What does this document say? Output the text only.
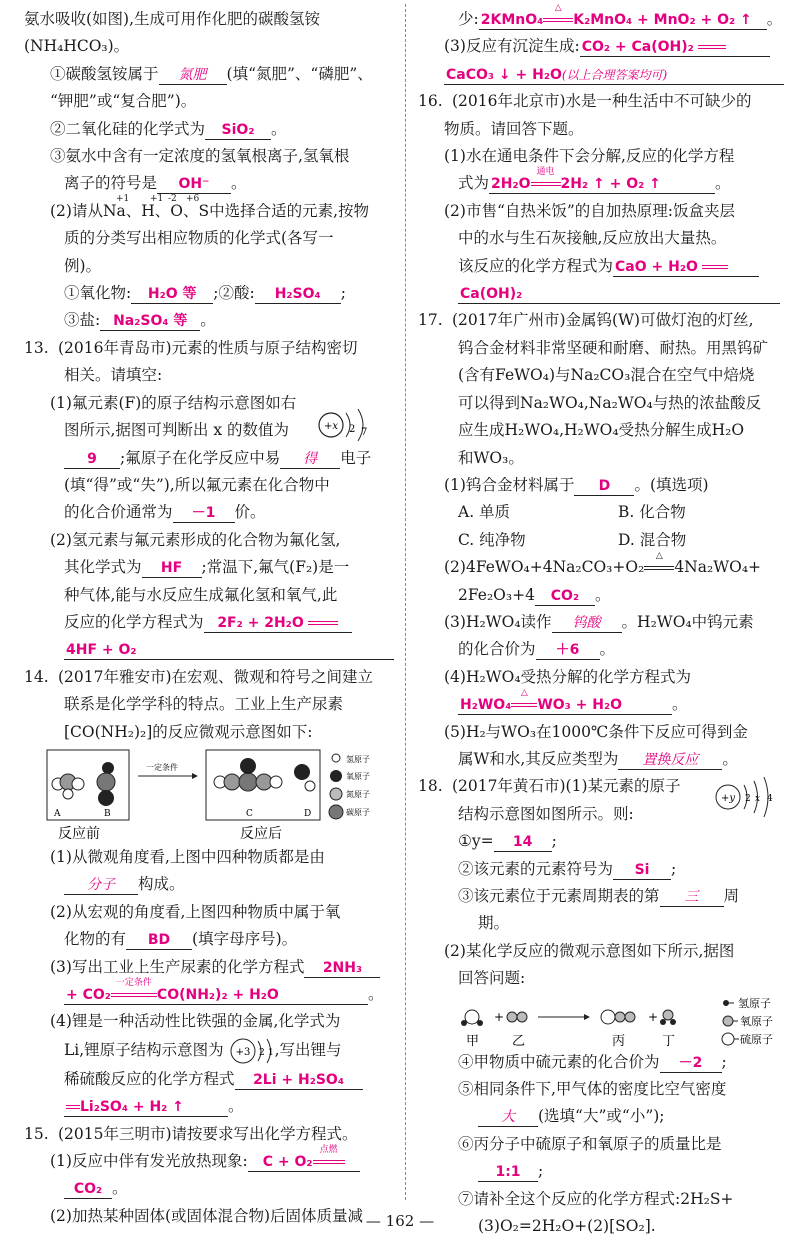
氨水吸收(如图),生成可用作化肥的碳酸氢铵
(NH₄HCO₃)。
①碳酸氢铵属于 氮肥 (填“氮肥”、“磷肥”、
“钾肥”或“复合肥”)。
②二氧化硅的化学式为 SiO₂ 。
③氨水中含有一定浓度的氢氧根离子,氢氧根
离子的符号是 OH⁻ 。
(2)请从Na、H、O、S中选择合适的元素,按物
+1 +1 -2 +6
质的分类写出相应物质的化学式(各写一
例)。
①氧化物: H₂O 等 ;②酸: H₂SO₄ ;
③盐: Na₂SO₄ 等 。
13. (2016年青岛市)元素的性质与原子结构密切
相关。请填空:
(1)氟元素(F)的原子结构示意图如右
图所示,据图可判断出 x 的数值为	+x 2 7
9 ;氟原子在化学反应中易 得 电子
(填“得”或“失”),所以氟元素在化合物中
的化合价通常为 －1 价。
(2)氢元素与氟元素形成的化合物为氟化氢,
其化学式为 HF ;常温下,氟气(F₂)是一
种气体,能与水反应生成氟化氢和氧气,此
反应的化学方程式为 2F₂ + 2H₂O
4HF + O₂
14. (2017年雅安市)在宏观、微观和符号之间建立
联系是化学学科的特点。工业上生产尿素
[CO(NH₂)₂]的反应微观示意图如下:
A	B
一定条件
C	D
氢原子
氧原子
氮原子
碳原子
反应前	反应后
(1)从微观角度看,上图中四种物质都是由
分子 构成。
(2)从宏观的角度看,上图四种物质中属于氧
化物的有 BD (填字母序号)。
(3)写出工业上生产尿素的化学方程式 2NH₃
+ CO₂
一定条件
CO(NH₂)₂ + H₂O	。
(4)锂是一种活动性比铁强的金属,化学式为
Li,锂原子结构示意图为 +3 2 1 ,写出锂与
稀硫酸反应的化学方程式 2Li + H₂SO₄
Li₂SO₄ + H₂ ↑	。
15. (2015年三明市)请按要求写出化学方程式。
(1)反应中伴有发光放热现象: C + O₂
点燃
CO₂ 。
(2)加热某种固体(或固体混合物)后固体质量减
少: 2KMnO₄
△
K₂MnO₄ + MnO₂ + O₂ ↑ 。
(3)反应有沉淀生成: CO₂ + Ca(OH)₂
CaCO₃ ↓ + H₂O(以上合理答案均可)
16. (2016年北京市)水是一种生活中不可缺少的
物质。请回答下题。
(1)水在通电条件下会分解,反应的化学方程
式为 2H₂O
通电
2H₂ ↑ + O₂ ↑	。
(2)市售“自热米饭”的自加热原理:饭盒夹层
中的水与生石灰接触,反应放出大量热。
该反应的化学方程式为 CaO + H₂O
Ca(OH)₂
17. (2017年广州市)金属钨(W)可做灯泡的灯丝,
钨合金材料非常坚硬和耐磨、耐热。用黑钨矿
(含有FeWO₄)与Na₂CO₃混合在空气中焙烧
可以得到Na₂WO₄,Na₂WO₄与热的浓盐酸反
应生成H₂WO₄,H₂WO₄受热分解生成H₂O
和WO₃。
(1)钨合金材料属于 D 。(填选项)
A. 单质	B. 化合物
C. 纯净物	D. 混合物
(2)4FeWO₄+4Na₂CO₃+O₂
△
4Na₂WO₄+
2Fe₂O₃+4 CO₂ 。
(3)H₂WO₄读作 钨酸 。H₂WO₄中钨元素
的化合价为 ＋6 。
(4)H₂WO₄受热分解的化学方程式为
H₂WO₄
△
WO₃ + H₂O	。
(5)H₂与WO₃在1000℃条件下反应可得到金
属W和水,其反应类型为 置换反应 。
18. (2017年黄石市)(1)某元素的原子
结构示意图如图所示。则:
+y 2 x 4
①y= 14 ;
②该元素的元素符号为 Si ;
③该元素位于元素周期表的第 三 周
期。
(2)某化学反应的微观示意图如下所示,据图
回答问题:
+	+
甲	乙	丙	丁
氢原子
氧原子
硫原子
④甲物质中硫元素的化合价为 －2 ;
⑤相同条件下,甲气体的密度比空气密度
大 (选填“大”或“小”);
⑥丙分子中硫原子和氧原子的质量比是
1:1 ;
⑦请补全这个反应的化学方程式:2H₂S+
(3)O₂=2H₂O+(2)[SO₂].
— 162 —
